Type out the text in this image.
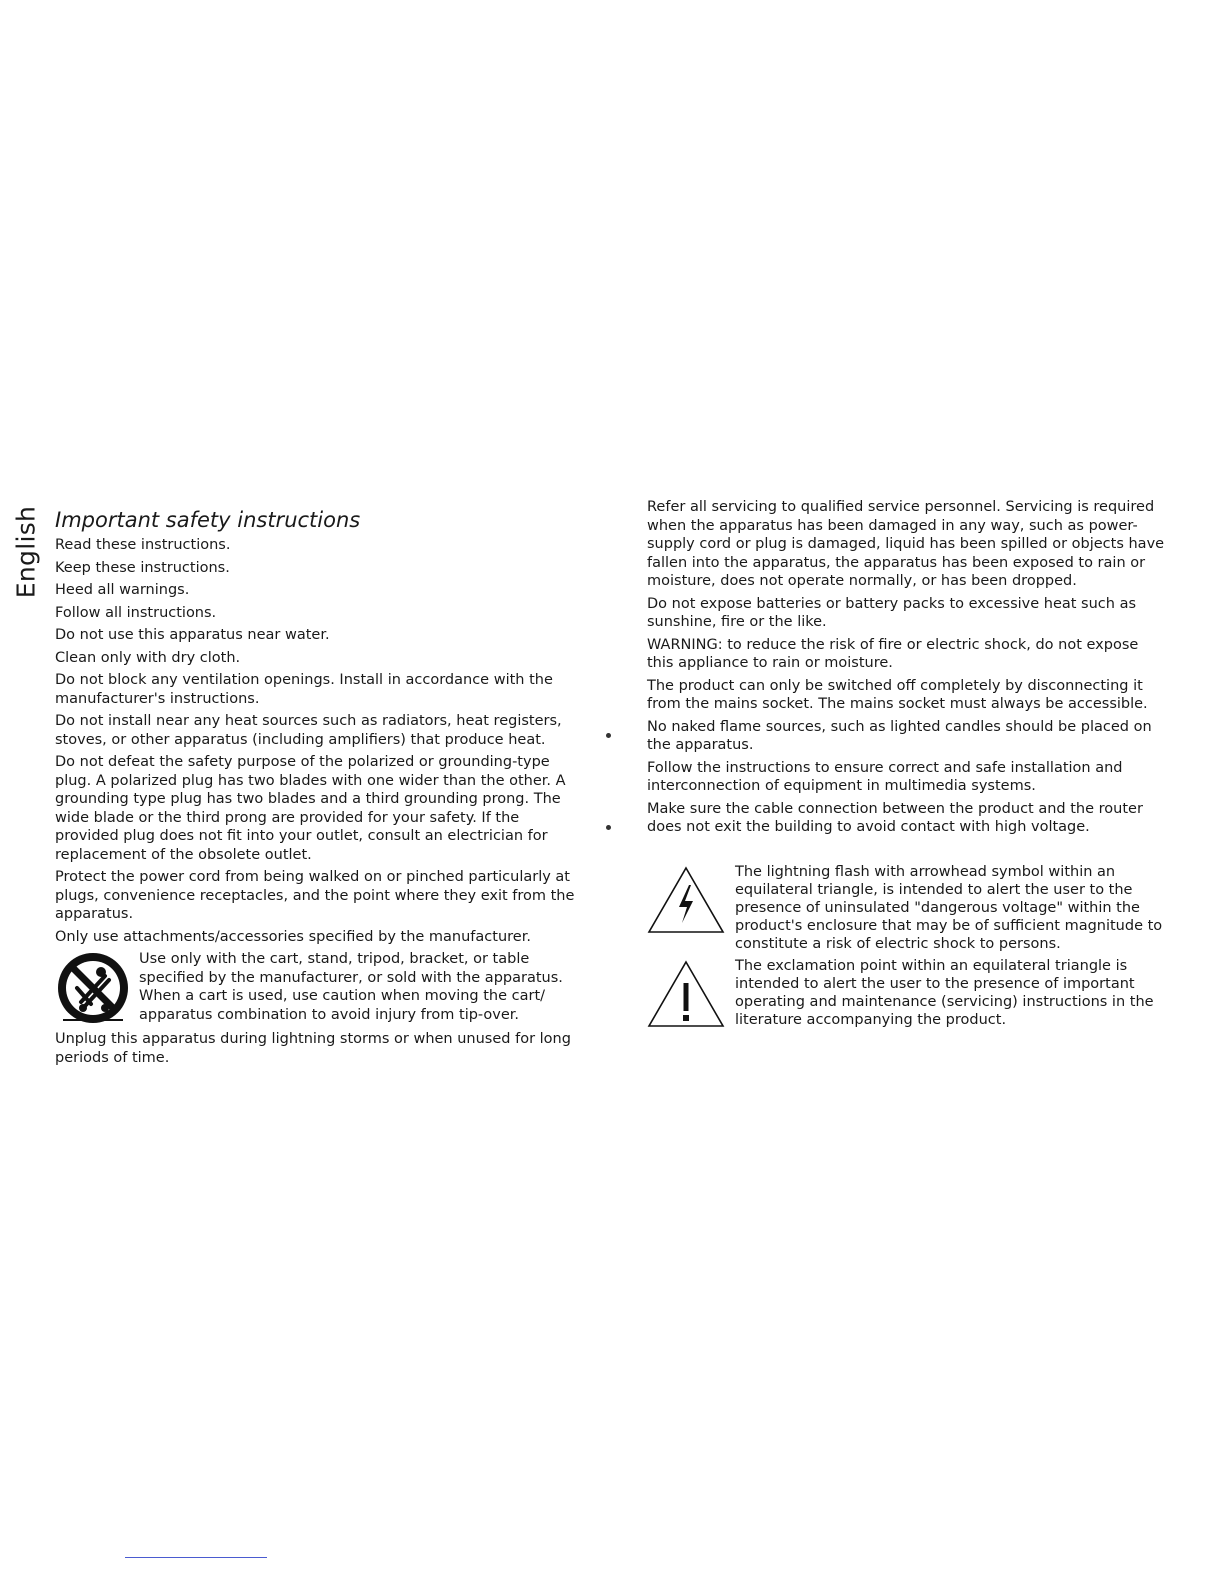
English Important safety instructions

Read these instructions.

Keep these instructions.

Heed all warnings.

Follow all instructions.

Do not use this apparatus near water.

Clean only with dry cloth.

Do not block any ventilation openings. Install in accordance with the manufacturer's instructions.

Do not install near any heat sources such as radiators, heat registers, stoves, or other apparatus (including amplifiers) that produce heat.

Do not defeat the safety purpose of the polarized or grounding-type plug. A polarized plug has two blades with one wider than the other. A grounding type plug has two blades and a third grounding prong. The wide blade or the third prong are provided for your safety. If the provided plug does not fit into your outlet, consult an electrician for replacement of the obsolete outlet.

Protect the power cord from being walked on or pinched particularly at plugs, convenience receptacles, and the point where they exit from the apparatus.

Only use attachments/accessories specified by the manufacturer.

Use only with the cart, stand, tripod, bracket, or table specified by the manufacturer, or sold with the apparatus. When a cart is used, use caution when moving the cart/ apparatus combination to avoid injury from tip-over.

Unplug this apparatus during lightning storms or when unused for long periods of time.

Refer all servicing to qualified service personnel. Servicing is required when the apparatus has been damaged in any way, such as power-supply cord or plug is damaged, liquid has been spilled or objects have fallen into the apparatus, the apparatus has been exposed to rain or moisture, does not operate normally, or has been dropped.

Do not expose batteries or battery packs to excessive heat such as sunshine, fire or the like.

WARNING: to reduce the risk of fire or electric shock, do not expose this appliance to rain or moisture.

The product can only be switched off completely by disconnecting it from the mains socket. The mains socket must always be accessible.

No naked flame sources, such as lighted candles should be placed on the apparatus.

Follow the instructions to ensure correct and safe installation and interconnection of equipment in multimedia systems.

Make sure the cable connection between the product and the router does not exit the building to avoid contact with high voltage.

The lightning flash with arrowhead symbol within an equilateral triangle, is intended to alert the user to the presence of uninsulated "dangerous voltage" within the product's enclosure that may be of sufficient magnitude to constitute a risk of electric shock to persons.

The exclamation point within an equilateral triangle is intended to alert the user to the presence of important operating and maintenance (servicing) instructions in the literature accompanying the product.
